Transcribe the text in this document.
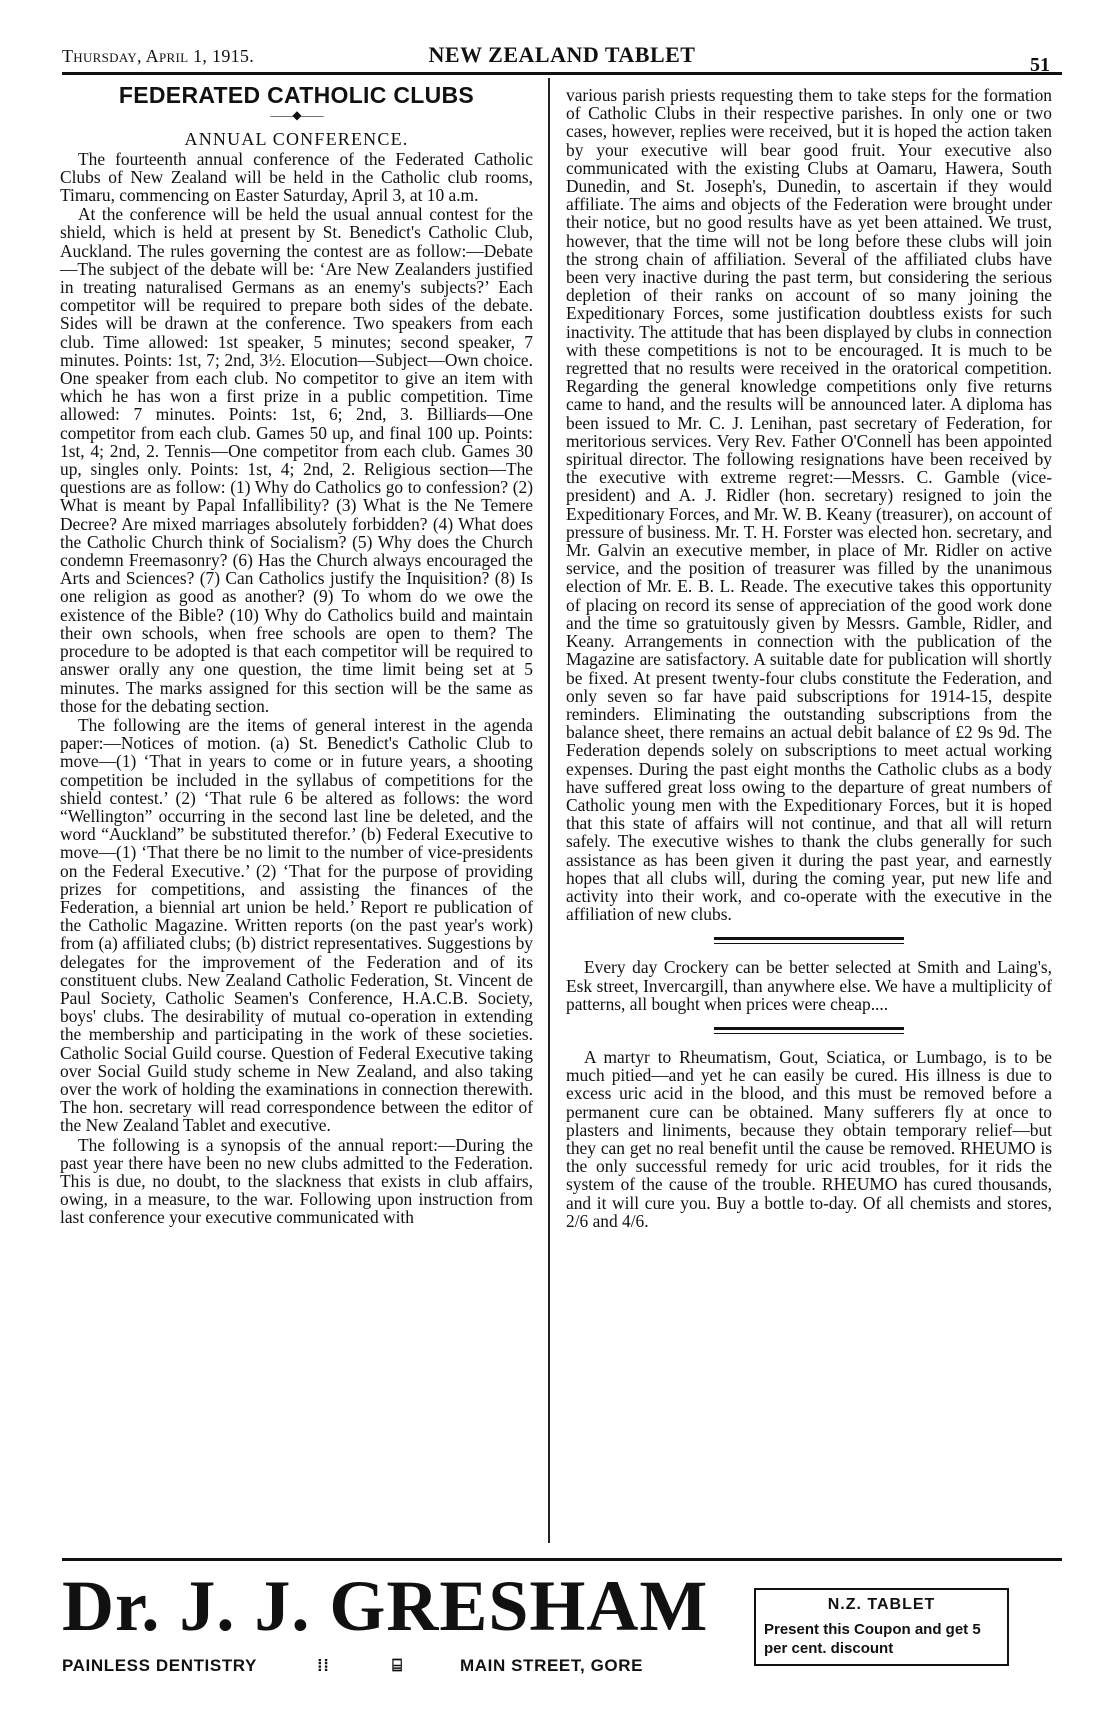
Thursday, April 1, 1915.	NEW ZEALAND TABLET	51

FEDERATED CATHOLIC CLUBS

——◆——

ANNUAL CONFERENCE.

The fourteenth annual conference of the Federated Catholic Clubs of New Zealand will be held in the Catholic club rooms, Timaru, commencing on Easter Saturday, April 3, at 10 a.m.

At the conference will be held the usual annual contest for the shield, which is held at present by St. Benedict's Catholic Club, Auckland. The rules governing the contest are as follow:—Debate—The subject of the debate will be: ‘Are New Zealanders justified in treating naturalised Germans as an enemy's subjects?’ Each competitor will be required to prepare both sides of the debate. Sides will be drawn at the conference. Two speakers from each club. Time allowed: 1st speaker, 5 minutes; second speaker, 7 minutes. Points: 1st, 7; 2nd, 3½. Elocution—Subject—Own choice. One speaker from each club. No competitor to give an item with which he has won a first prize in a public competition. Time allowed: 7 minutes. Points: 1st, 6; 2nd, 3. Billiards—One competitor from each club. Games 50 up, and final 100 up. Points: 1st, 4; 2nd, 2. Tennis—One competitor from each club. Games 30 up, singles only. Points: 1st, 4; 2nd, 2. Religious section—The questions are as follow: (1) Why do Catholics go to confession? (2) What is meant by Papal Infallibility? (3) What is the Ne Temere Decree? Are mixed marriages absolutely forbidden? (4) What does the Catholic Church think of Socialism? (5) Why does the Church condemn Freemasonry? (6) Has the Church always encouraged the Arts and Sciences? (7) Can Catholics justify the Inquisition? (8) Is one religion as good as another? (9) To whom do we owe the existence of the Bible? (10) Why do Catholics build and maintain their own schools, when free schools are open to them? The procedure to be adopted is that each competitor will be required to answer orally any one question, the time limit being set at 5 minutes. The marks assigned for this section will be the same as those for the debating section.

The following are the items of general interest in the agenda paper:—Notices of motion. (a) St. Benedict's Catholic Club to move—(1) ‘That in years to come or in future years, a shooting competition be included in the syllabus of competitions for the shield contest.’ (2) ‘That rule 6 be altered as follows: the word “Wellington” occurring in the second last line be deleted, and the word “Auckland” be substituted therefor.’ (b) Federal Executive to move—(1) ‘That there be no limit to the number of vice-presidents on the Federal Executive.’ (2) ‘That for the purpose of providing prizes for competitions, and assisting the finances of the Federation, a biennial art union be held.’ Report re publication of the Catholic Magazine. Written reports (on the past year's work) from (a) affiliated clubs; (b) district representatives. Suggestions by delegates for the improvement of the Federation and of its constituent clubs. New Zealand Catholic Federation, St. Vincent de Paul Society, Catholic Seamen's Conference, H.A.C.B. Society, boys' clubs. The desirability of mutual co-operation in extending the membership and participating in the work of these societies. Catholic Social Guild course. Question of Federal Executive taking over Social Guild study scheme in New Zealand, and also taking over the work of holding the examinations in connection therewith. The hon. secretary will read correspondence between the editor of the New Zealand Tablet and executive.

The following is a synopsis of the annual report:—During the past year there have been no new clubs admitted to the Federation. This is due, no doubt, to the slackness that exists in club affairs, owing, in a measure, to the war. Following upon instruction from last conference your executive communicated with

various parish priests requesting them to take steps for the formation of Catholic Clubs in their respective parishes. In only one or two cases, however, replies were received, but it is hoped the action taken by your executive will bear good fruit. Your executive also communicated with the existing Clubs at Oamaru, Hawera, South Dunedin, and St. Joseph's, Dunedin, to ascertain if they would affiliate. The aims and objects of the Federation were brought under their notice, but no good results have as yet been attained. We trust, however, that the time will not be long before these clubs will join the strong chain of affiliation. Several of the affiliated clubs have been very inactive during the past term, but considering the serious depletion of their ranks on account of so many joining the Expeditionary Forces, some justification doubtless exists for such inactivity. The attitude that has been displayed by clubs in connection with these competitions is not to be encouraged. It is much to be regretted that no results were received in the oratorical competition. Regarding the general knowledge competitions only five returns came to hand, and the results will be announced later. A diploma has been issued to Mr. C. J. Lenihan, past secretary of Federation, for meritorious services. Very Rev. Father O'Connell has been appointed spiritual director. The following resignations have been received by the executive with extreme regret:—Messrs. C. Gamble (vice-president) and A. J. Ridler (hon. secretary) resigned to join the Expeditionary Forces, and Mr. W. B. Keany (treasurer), on account of pressure of business. Mr. T. H. Forster was elected hon. secretary, and Mr. Galvin an executive member, in place of Mr. Ridler on active service, and the position of treasurer was filled by the unanimous election of Mr. E. B. L. Reade. The executive takes this opportunity of placing on record its sense of appreciation of the good work done and the time so gratuitously given by Messrs. Gamble, Ridler, and Keany. Arrangements in connection with the publication of the Magazine are satisfactory. A suitable date for publication will shortly be fixed. At present twenty-four clubs constitute the Federation, and only seven so far have paid subscriptions for 1914-15, despite reminders. Eliminating the outstanding subscriptions from the balance sheet, there remains an actual debit balance of £2 9s 9d. The Federation depends solely on subscriptions to meet actual working expenses. During the past eight months the Catholic clubs as a body have suffered great loss owing to the departure of great numbers of Catholic young men with the Expeditionary Forces, but it is hoped that this state of affairs will not continue, and that all will return safely. The executive wishes to thank the clubs generally for such assistance as has been given it during the past year, and earnestly hopes that all clubs will, during the coming year, put new life and activity into their work, and co-operate with the executive in the affiliation of new clubs.

Every day Crockery can be better selected at Smith and Laing's, Esk street, Invercargill, than anywhere else. We have a multiplicity of patterns, all bought when prices were cheap....

A martyr to Rheumatism, Gout, Sciatica, or Lumbago, is to be much pitied—and yet he can easily be cured. His illness is due to excess uric acid in the blood, and this must be removed before a permanent cure can be obtained. Many sufferers fly at once to plasters and liniments, because they obtain temporary relief—but they can get no real benefit until the cause be removed. RHEUMO is the only successful remedy for uric acid troubles, for it rids the system of the cause of the trouble. RHEUMO has cured thousands, and it will cure you. Buy a bottle to-day. Of all chemists and stores, 2/6 and 4/6.

Dr. J. J. GRESHAM
PAINLESS DENTISTRY	⁞⁞	⌸	MAIN STREET, GORE
N.Z. TABLET
Present this Coupon and get 5 per cent. discount
